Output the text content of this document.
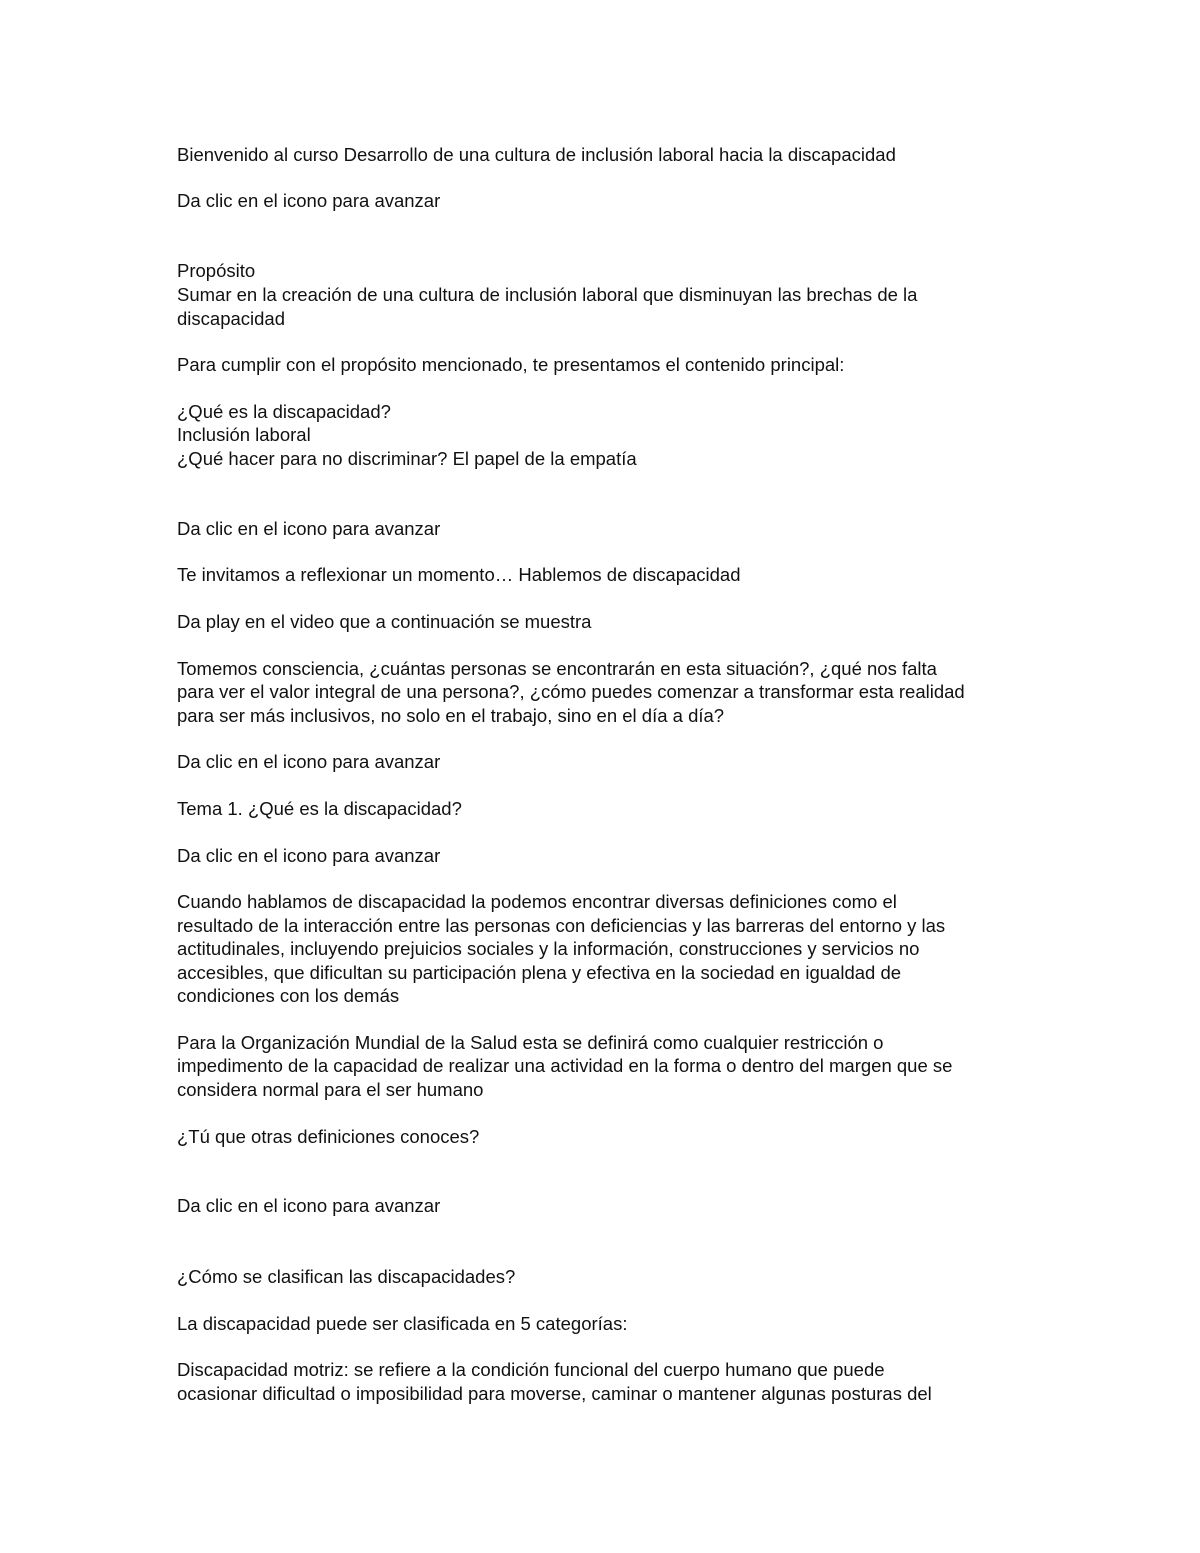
Bienvenido al curso Desarrollo de una cultura de inclusión laboral hacia la discapacidad
Da clic en el icono para avanzar
Propósito
Sumar en la creación de una cultura de inclusión laboral que disminuyan las brechas de la
discapacidad
Para cumplir con el propósito mencionado, te presentamos el contenido principal:
¿Qué es la discapacidad?
Inclusión laboral
¿Qué hacer para no discriminar? El papel de la empatía
Da clic en el icono para avanzar
Te invitamos a reflexionar un momento… Hablemos de discapacidad
Da play en el video que a continuación se muestra
Tomemos consciencia, ¿cuántas personas se encontrarán en esta situación?, ¿qué nos falta
para ver el valor integral de una persona?, ¿cómo puedes comenzar a transformar esta realidad
para ser más inclusivos, no solo en el trabajo, sino en el día a día?
Da clic en el icono para avanzar
Tema 1. ¿Qué es la discapacidad?
Da clic en el icono para avanzar
Cuando hablamos de discapacidad la podemos encontrar diversas definiciones como el
resultado de la interacción entre las personas con deficiencias y las barreras del entorno y las
actitudinales, incluyendo prejuicios sociales y la información, construcciones y servicios no
accesibles, que dificultan su participación plena y efectiva en la sociedad en igualdad de
condiciones con los demás
Para la Organización Mundial de la Salud esta se definirá como cualquier restricción o
impedimento de la capacidad de realizar una actividad en la forma o dentro del margen que se
considera normal para el ser humano
¿Tú que otras definiciones conoces?
Da clic en el icono para avanzar
¿Cómo se clasifican las discapacidades?
La discapacidad puede ser clasificada en 5 categorías:
Discapacidad motriz: se refiere a la condición funcional del cuerpo humano que puede
ocasionar dificultad o imposibilidad para moverse, caminar o mantener algunas posturas del
